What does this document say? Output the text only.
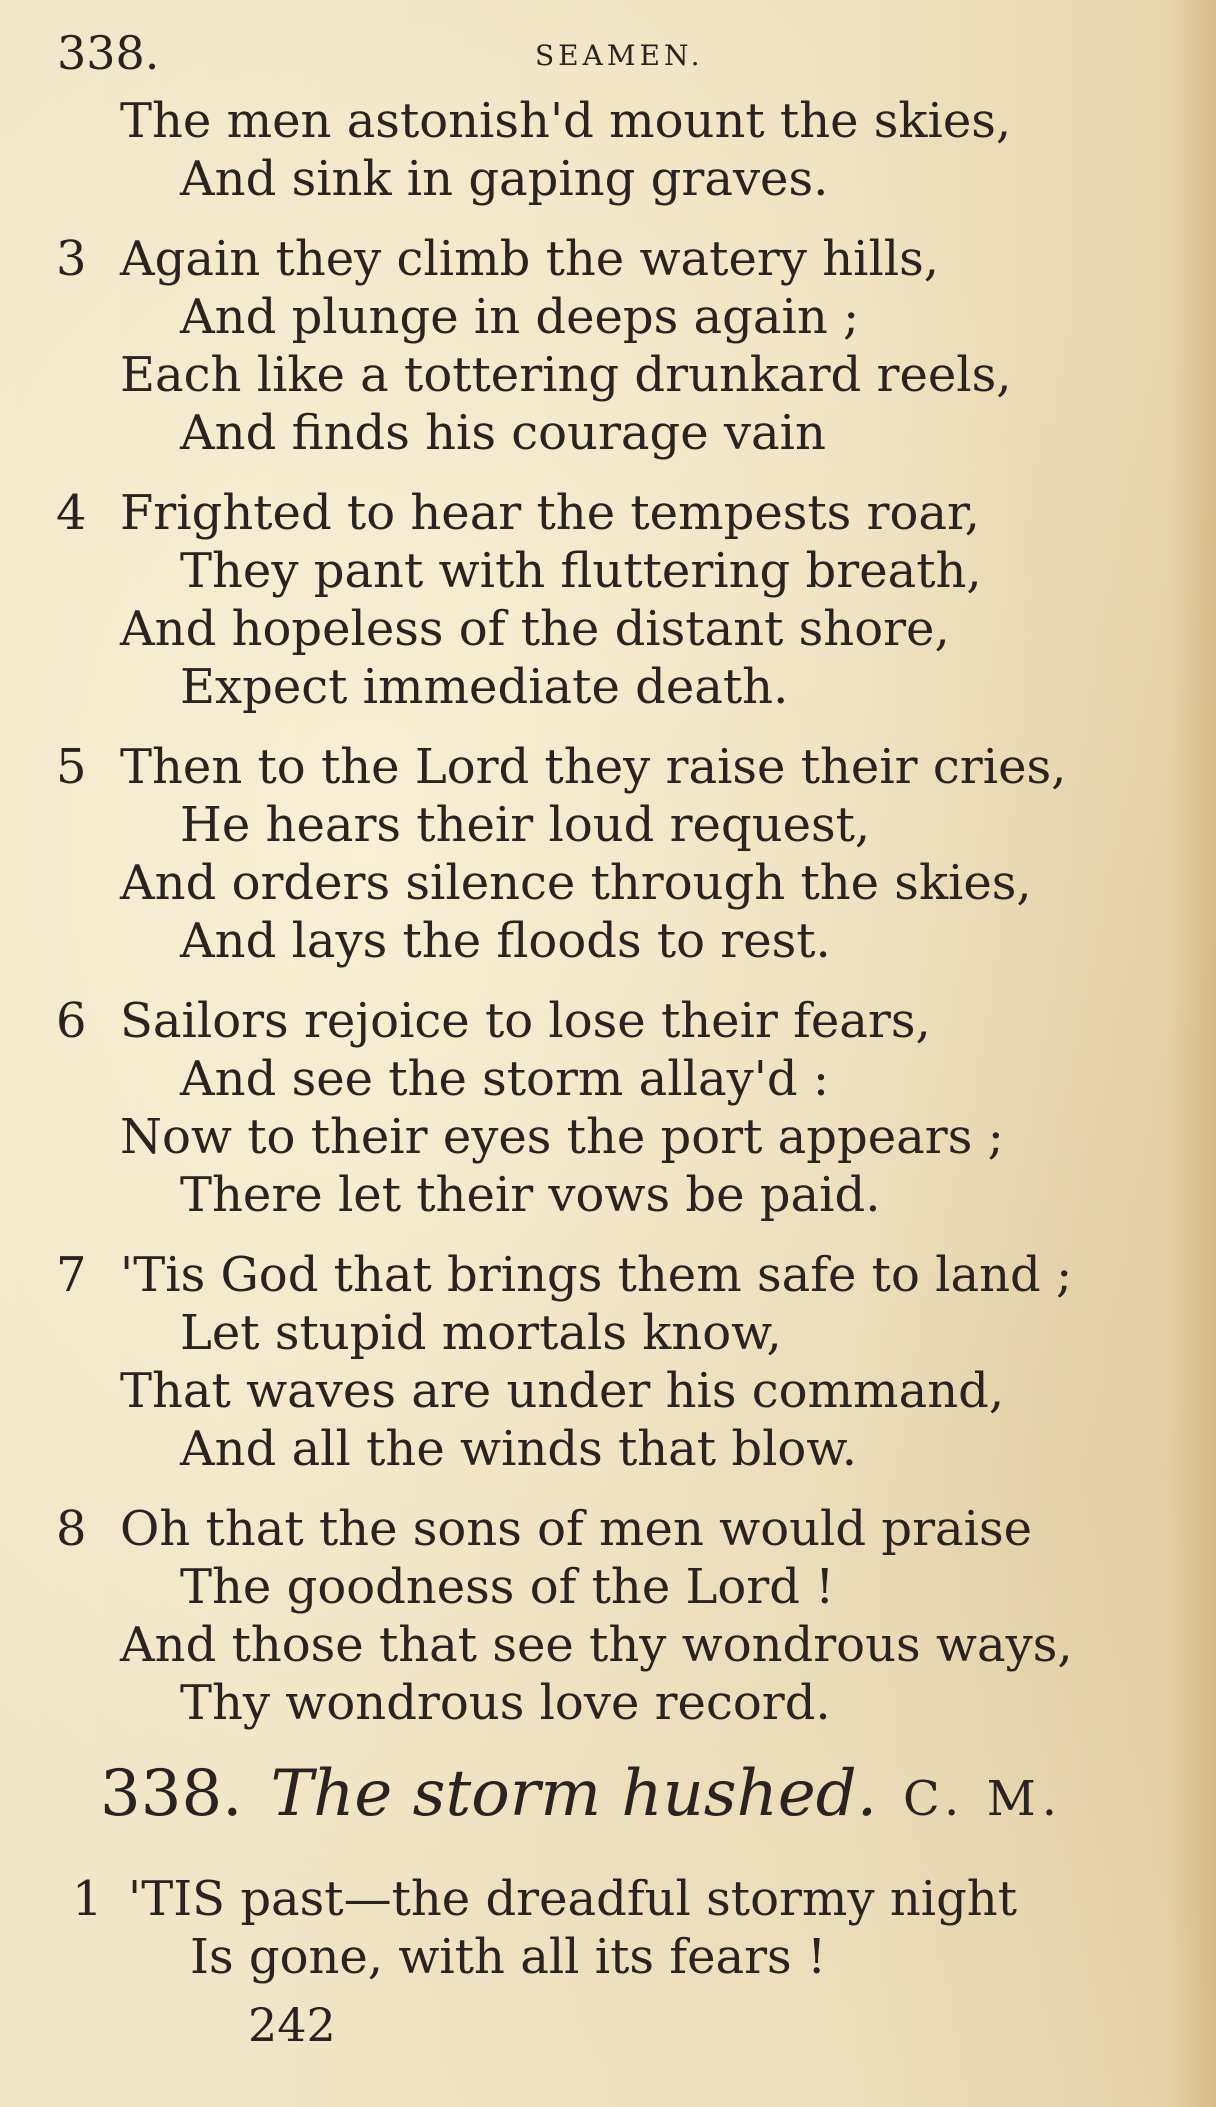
338.	SEAMEN.
The men astonish'd mount the skies,
And sink in gaping graves.
3 Again they climb the watery hills,
And plunge in deeps again ;
Each like a tottering drunkard reels,
And finds his courage vain
4 Frighted to hear the tempests roar,
They pant with fluttering breath,
And hopeless of the distant shore,
Expect immediate death.
5 Then to the Lord they raise their cries,
He hears their loud request,
And orders silence through the skies,
And lays the floods to rest.
6 Sailors rejoice to lose their fears,
And see the storm allay'd :
Now to their eyes the port appears ;
There let their vows be paid.
7 'Tis God that brings them safe to land ;
Let stupid mortals know,
That waves are under his command,
And all the winds that blow.
8 Oh that the sons of men would praise
The goodness of the Lord !
And those that see thy wondrous ways,
Thy wondrous love record.
338. The storm hushed. C. M.
1 'TIS past—the dreadful stormy night
Is gone, with all its fears !
242
